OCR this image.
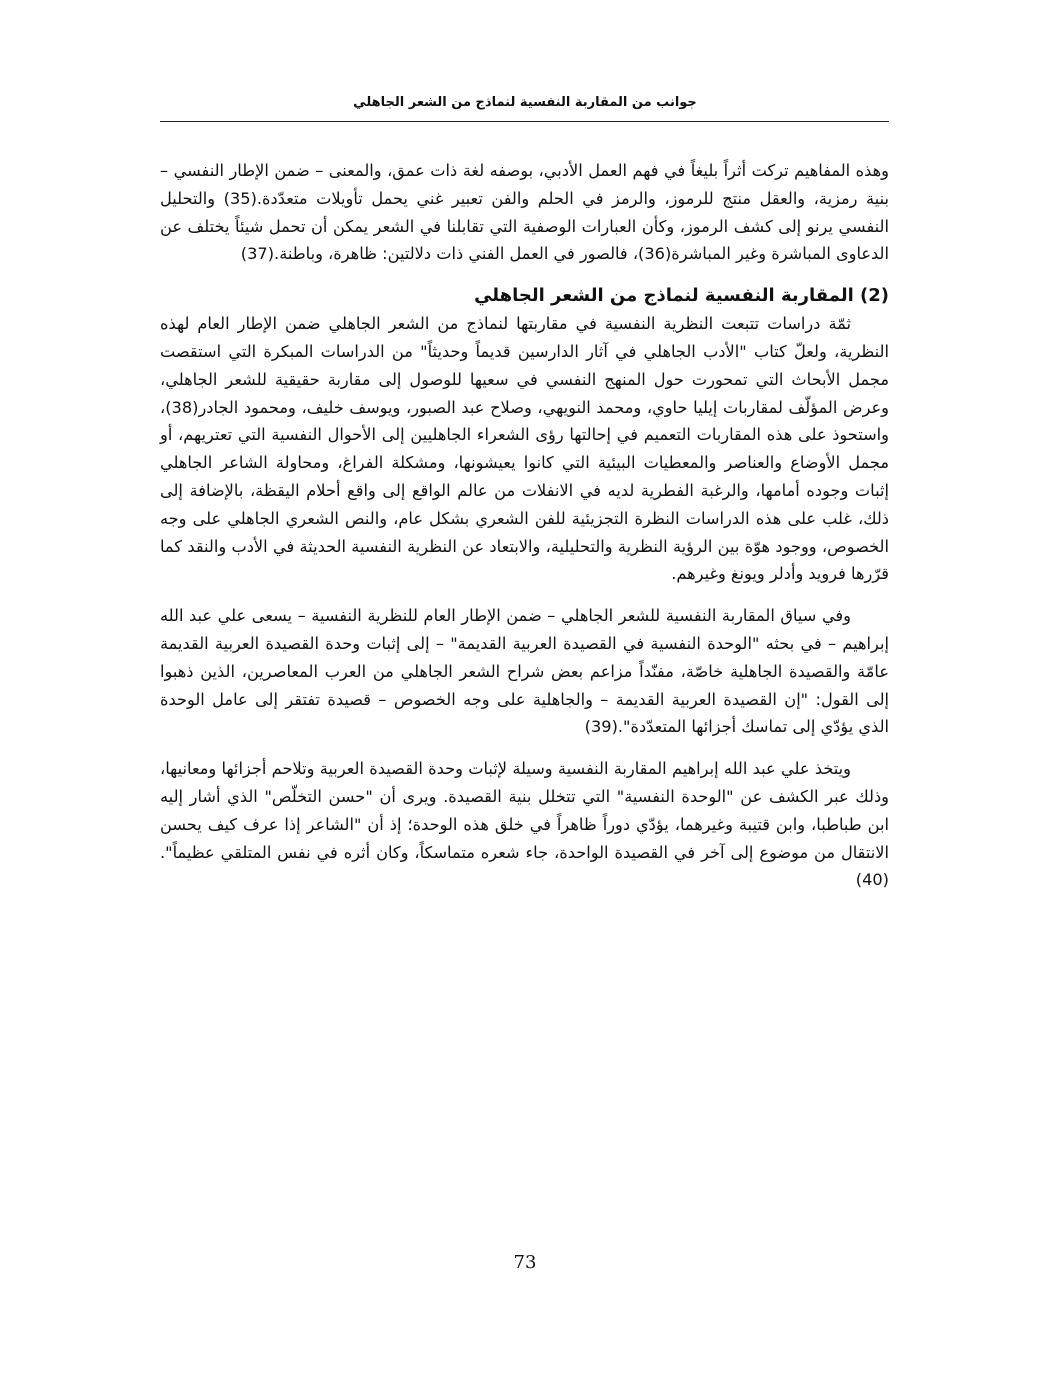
جوانب من المقاربة النفسية لنماذج من الشعر الجاهلي

وهذه المفاهيم تركت أثراً بليغاً في فهم العمل الأدبي، بوصفه لغة ذات عمق، والمعنى – ضمن الإطار النفسي – بنية رمزية، والعقل منتج للرموز، والرمز في الحلم والفن تعبير غني يحمل تأويلات متعدّدة.(35) والتحليل النفسي يرنو إلى كشف الرموز، وكأن العبارات الوصفية التي تقابلنا في الشعر يمكن أن تحمل شيئاً يختلف عن الدعاوى المباشرة وغير المباشرة(36)، فالصور في العمل الفني ذات دلالتين: ظاهرة، وباطنة.(37)

(2) المقاربة النفسية لنماذج من الشعر الجاهلي

ثمّة دراسات تتبعت النظرية النفسية في مقاربتها لنماذج من الشعر الجاهلي ضمن الإطار العام لهذه النظرية، ولعلّ كتاب "الأدب الجاهلي في آثار الدارسين قديماً وحديثاً" من الدراسات المبكرة التي استقصت مجمل الأبحاث التي تمحورت حول المنهج النفسي في سعيها للوصول إلى مقاربة حقيقية للشعر الجاهلي، وعرض المؤلّف لمقاربات إيليا حاوي، ومحمد النويهي، وصلاح عبد الصبور، ويوسف خليف، ومحمود الجادر(38)، واستحوذ على هذه المقاربات التعميم في إحالتها رؤى الشعراء الجاهليين إلى الأحوال النفسية التي تعتريهم، أو مجمل الأوضاع والعناصر والمعطيات البيئية التي كانوا يعيشونها، ومشكلة الفراغ، ومحاولة الشاعر الجاهلي إثبات وجوده أمامها، والرغبة الفطرية لديه في الانفلات من عالم الواقع إلى واقع أحلام اليقظة، بالإضافة إلى ذلك، غلب على هذه الدراسات النظرة التجزيئية للفن الشعري بشكل عام، والنص الشعري الجاهلي على وجه الخصوص، ووجود هوّة بين الرؤية النظرية والتحليلية، والابتعاد عن النظرية النفسية الحديثة في الأدب والنقد كما قرّرها فرويد وأدلر ويونغ وغيرهم.

وفي سياق المقاربة النفسية للشعر الجاهلي – ضمن الإطار العام للنظرية النفسية – يسعى علي عبد الله إبراهيم – في بحثه "الوحدة النفسية في القصيدة العربية القديمة" – إلى إثبات وحدة القصيدة العربية القديمة عامّة والقصيدة الجاهلية خاصّة، مفنّداً مزاعم بعض شراح الشعر الجاهلي من العرب المعاصرين، الذين ذهبوا إلى القول: "إن القصيدة العربية القديمة – والجاهلية على وجه الخصوص – قصيدة تفتقر إلى عامل الوحدة الذي يؤدّي إلى تماسك أجزائها المتعدّدة".(39)

ويتخذ علي عبد الله إبراهيم المقاربة النفسية وسيلة لإثبات وحدة القصيدة العربية وتلاحم أجزائها ومعانيها، وذلك عبر الكشف عن "الوحدة النفسية" التي تتخلل بنية القصيدة. ويرى أن "حسن التخلّص" الذي أشار إليه ابن طباطبا، وابن قتيبة وغيرهما، يؤدّي دوراً ظاهراً في خلق هذه الوحدة؛ إذ أن "الشاعر إذا عرف كيف يحسن الانتقال من موضوع إلى آخر في القصيدة الواحدة، جاء شعره متماسكاً، وكان أثره في نفس المتلقي عظيماً".(40)

73
